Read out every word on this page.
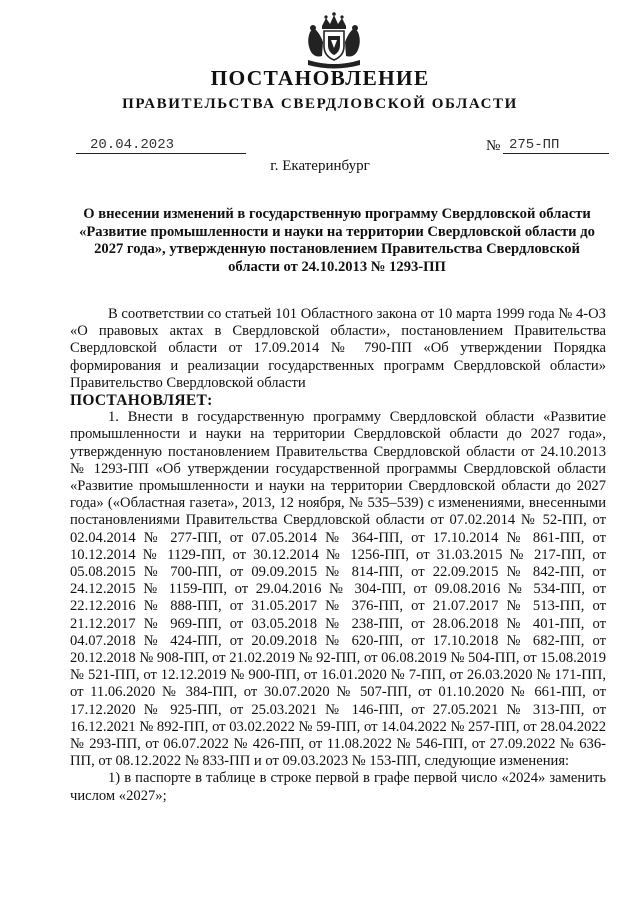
ПОСТАНОВЛЕНИЕ
ПРАВИТЕЛЬСТВА СВЕРДЛОВСКОЙ ОБЛАСТИ
20.04.2023	№ 275-ПП
г. Екатеринбург
О внесении изменений в государственную программу Свердловской области «Развитие промышленности и науки на территории Свердловской области до 2027 года», утвержденную постановлением Правительства Свердловской области от 24.10.2013 № 1293-ПП

В соответствии со статьей 101 Областного закона от 10 марта 1999 года № 4-ОЗ «О правовых актах в Свердловской области», постановлением Правительства Свердловской области от 17.09.2014 № 790-ПП «Об утверждении Порядка формирования и реализации государственных программ Свердловской области» Правительство Свердловской области

ПОСТАНОВЛЯЕТ:

1. Внести в государственную программу Свердловской области «Развитие промышленности и науки на территории Свердловской области до 2027 года», утвержденную постановлением Правительства Свердловской области от 24.10.2013 № 1293-ПП «Об утверждении государственной программы Свердловской области «Развитие промышленности и науки на территории Свердловской области до 2027 года» («Областная газета», 2013, 12 ноября, № 535–539) с изменениями, внесенными постановлениями Правительства Свердловской области от 07.02.2014 № 52-ПП, от 02.04.2014 № 277-ПП, от 07.05.2014 № 364-ПП, от 17.10.2014 № 861-ПП, от 10.12.2014 № 1129-ПП, от 30.12.2014 № 1256-ПП, от 31.03.2015 № 217-ПП, от 05.08.2015 № 700-ПП, от 09.09.2015 № 814-ПП, от 22.09.2015 № 842-ПП, от 24.12.2015 № 1159-ПП, от 29.04.2016 № 304-ПП, от 09.08.2016 № 534-ПП, от 22.12.2016 № 888-ПП, от 31.05.2017 № 376-ПП, от 21.07.2017 № 513-ПП, от 21.12.2017 № 969-ПП, от 03.05.2018 № 238-ПП, от 28.06.2018 № 401-ПП, от 04.07.2018 № 424-ПП, от 20.09.2018 № 620-ПП, от 17.10.2018 № 682-ПП, от 20.12.2018 № 908-ПП, от 21.02.2019 № 92-ПП, от 06.08.2019 № 504-ПП, от 15.08.2019 № 521-ПП, от 12.12.2019 № 900-ПП, от 16.01.2020 № 7-ПП, от 26.03.2020 № 171-ПП, от 11.06.2020 № 384-ПП, от 30.07.2020 № 507-ПП, от 01.10.2020 № 661-ПП, от 17.12.2020 № 925-ПП, от 25.03.2021 № 146-ПП, от 27.05.2021 № 313-ПП, от 16.12.2021 № 892-ПП, от 03.02.2022 № 59-ПП, от 14.04.2022 № 257-ПП, от 28.04.2022 № 293-ПП, от 06.07.2022 № 426-ПП, от 11.08.2022 № 546-ПП, от 27.09.2022 № 636-ПП, от 08.12.2022 № 833-ПП и от 09.03.2023 № 153-ПП, следующие изменения:

1) в паспорте в таблице в строке первой в графе первой число «2024» заменить числом «2027»;
